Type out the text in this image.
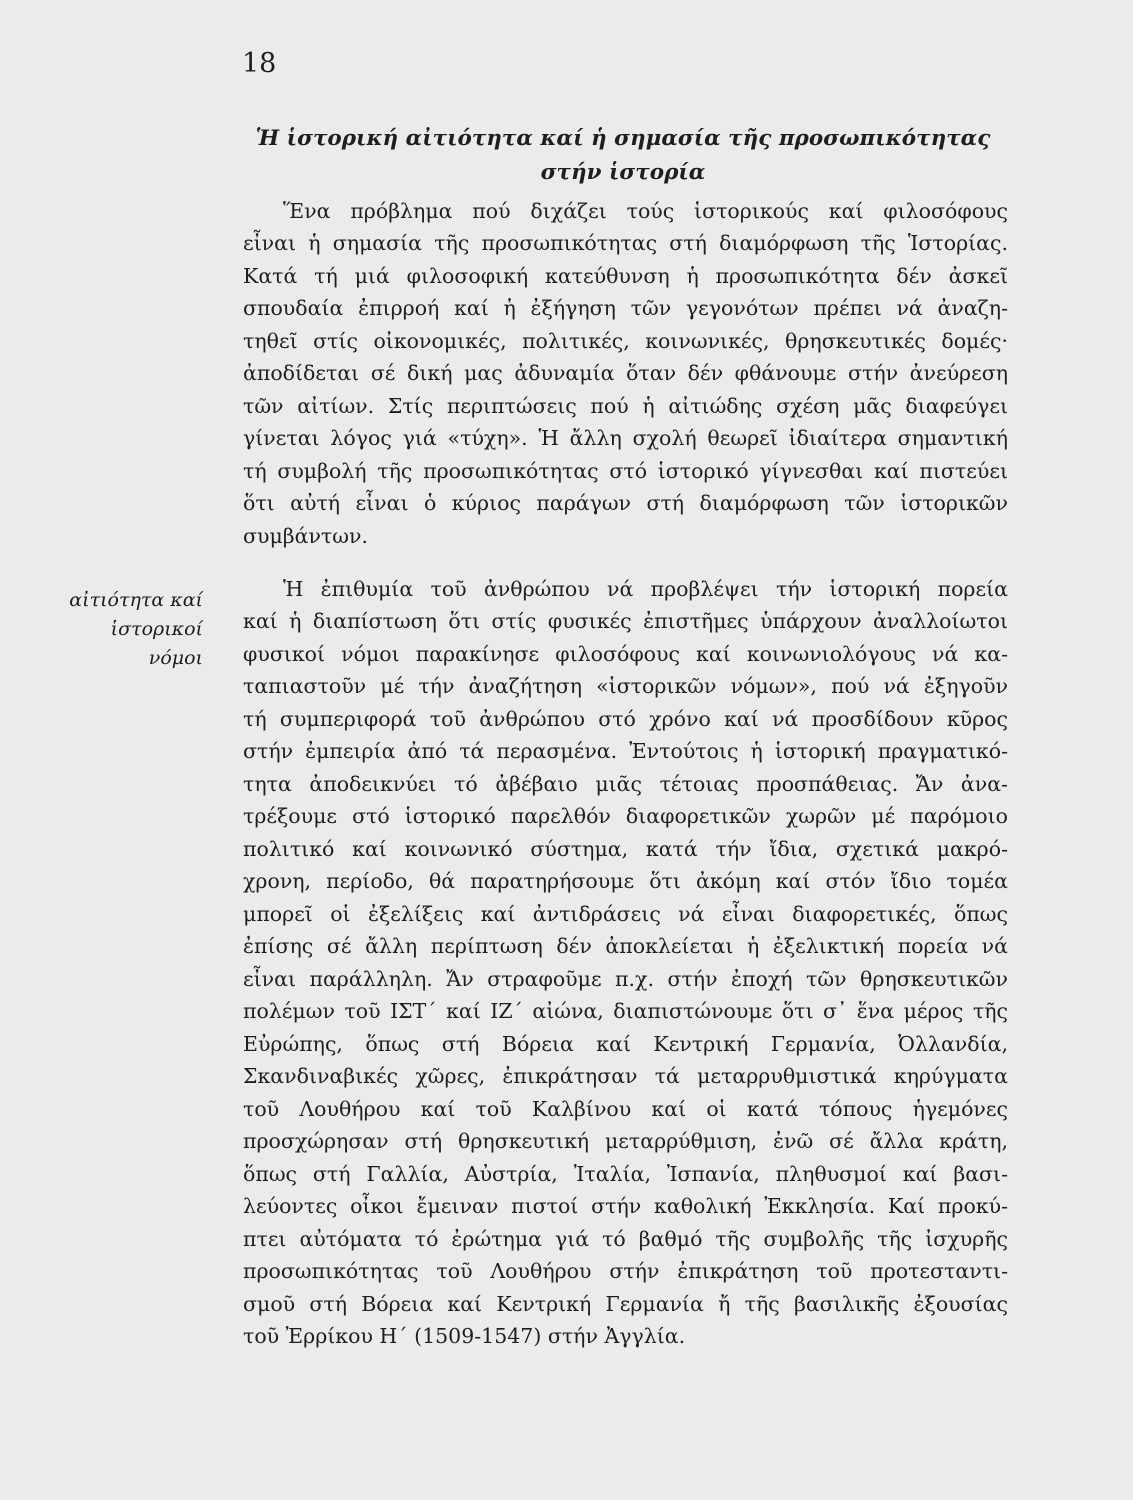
18
Ἡ ἱστορική αἰτιότητα καί ἡ σημασία τῆς προσωπικότητας
στήν ἱστορία
αἰτιότητα καί
ἱστορικοί
νόμοι
Ἕνα πρόβλημα πού διχάζει τούς ἱστορικούς καί φιλοσόφους
εἶναι ἡ σημασία τῆς προσωπικότητας στή διαμόρφωση τῆς Ἱστορίας.
Κατά τή μιά φιλοσοφική κατεύθυνση ἡ προσωπικότητα δέν ἀσκεῖ
σπουδαία ἐπιρροή καί ἡ ἐξήγηση τῶν γεγονότων πρέπει νά ἀναζη-
τηθεῖ στίς οἰκονομικές, πολιτικές, κοινωνικές, θρησκευτικές δομές·
ἀποδίδεται σέ δική μας ἀδυναμία ὅταν δέν φθάνουμε στήν ἀνεύρεση
τῶν αἰτίων. Στίς περιπτώσεις πού ἡ αἰτιώδης σχέση μᾶς διαφεύγει
γίνεται λόγος γιά «τύχη». Ἡ ἄλλη σχολή θεωρεῖ ἰδιαίτερα σημαντική
τή συμβολή τῆς προσωπικότητας στό ἱστορικό γίγνεσθαι καί πιστεύει
ὅτι αὐτή εἶναι ὁ κύριος παράγων στή διαμόρφωση τῶν ἱστορικῶν
συμβάντων.
Ἡ ἐπιθυμία τοῦ ἀνθρώπου νά προβλέψει τήν ἱστορική πορεία
καί ἡ διαπίστωση ὅτι στίς φυσικές ἐπιστῆμες ὑπάρχουν ἀναλλοίωτοι
φυσικοί νόμοι παρακίνησε φιλοσόφους καί κοινωνιολόγους νά κα-
ταπιαστοῦν μέ τήν ἀναζήτηση «ἱστορικῶν νόμων», πού νά ἐξηγοῦν
τή συμπεριφορά τοῦ ἀνθρώπου στό χρόνο καί νά προσδίδουν κῦρος
στήν ἐμπειρία ἀπό τά περασμένα. Ἐντούτοις ἡ ἱστορική πραγματικό-
τητα ἀποδεικνύει τό ἀβέβαιο μιᾶς τέτοιας προσπάθειας. Ἄν ἀνα-
τρέξουμε στό ἱστορικό παρελθόν διαφορετικῶν χωρῶν μέ παρόμοιο
πολιτικό καί κοινωνικό σύστημα, κατά τήν ἴδια, σχετικά μακρό-
χρονη, περίοδο, θά παρατηρήσουμε ὅτι ἀκόμη καί στόν ἴδιο τομέα
μπορεῖ οἱ ἐξελίξεις καί ἀντιδράσεις νά εἶναι διαφορετικές, ὅπως
ἐπίσης σέ ἄλλη περίπτωση δέν ἀποκλείεται ἡ ἐξελικτική πορεία νά
εἶναι παράλληλη. Ἄν στραφοῦμε π.χ. στήν ἐποχή τῶν θρησκευτικῶν
πολέμων τοῦ ΙΣΤ΄ καί ΙΖ΄ αἰώνα, διαπιστώνουμε ὅτι σ᾽ ἕνα μέρος τῆς
Εὐρώπης, ὅπως στή Βόρεια καί Κεντρική Γερμανία, Ὀλλανδία,
Σκανδιναβικές χῶρες, ἐπικράτησαν τά μεταρρυθμιστικά κηρύγματα
τοῦ Λουθήρου καί τοῦ Καλβίνου καί οἱ κατά τόπους ἡγεμόνες
προσχώρησαν στή θρησκευτική μεταρρύθμιση, ἐνῶ σέ ἄλλα κράτη,
ὅπως στή Γαλλία, Αὐστρία, Ἰταλία, Ἰσπανία, πληθυσμοί καί βασι-
λεύοντες οἶκοι ἔμειναν πιστοί στήν καθολική Ἐκκλησία. Καί προκύ-
πτει αὐτόματα τό ἐρώτημα γιά τό βαθμό τῆς συμβολῆς τῆς ἰσχυρῆς
προσωπικότητας τοῦ Λουθήρου στήν ἐπικράτηση τοῦ προτεσταντι-
σμοῦ στή Βόρεια καί Κεντρική Γερμανία ἤ τῆς βασιλικῆς ἐξουσίας
τοῦ Ἐρρίκου Η΄ (1509-1547) στήν Ἀγγλία.
